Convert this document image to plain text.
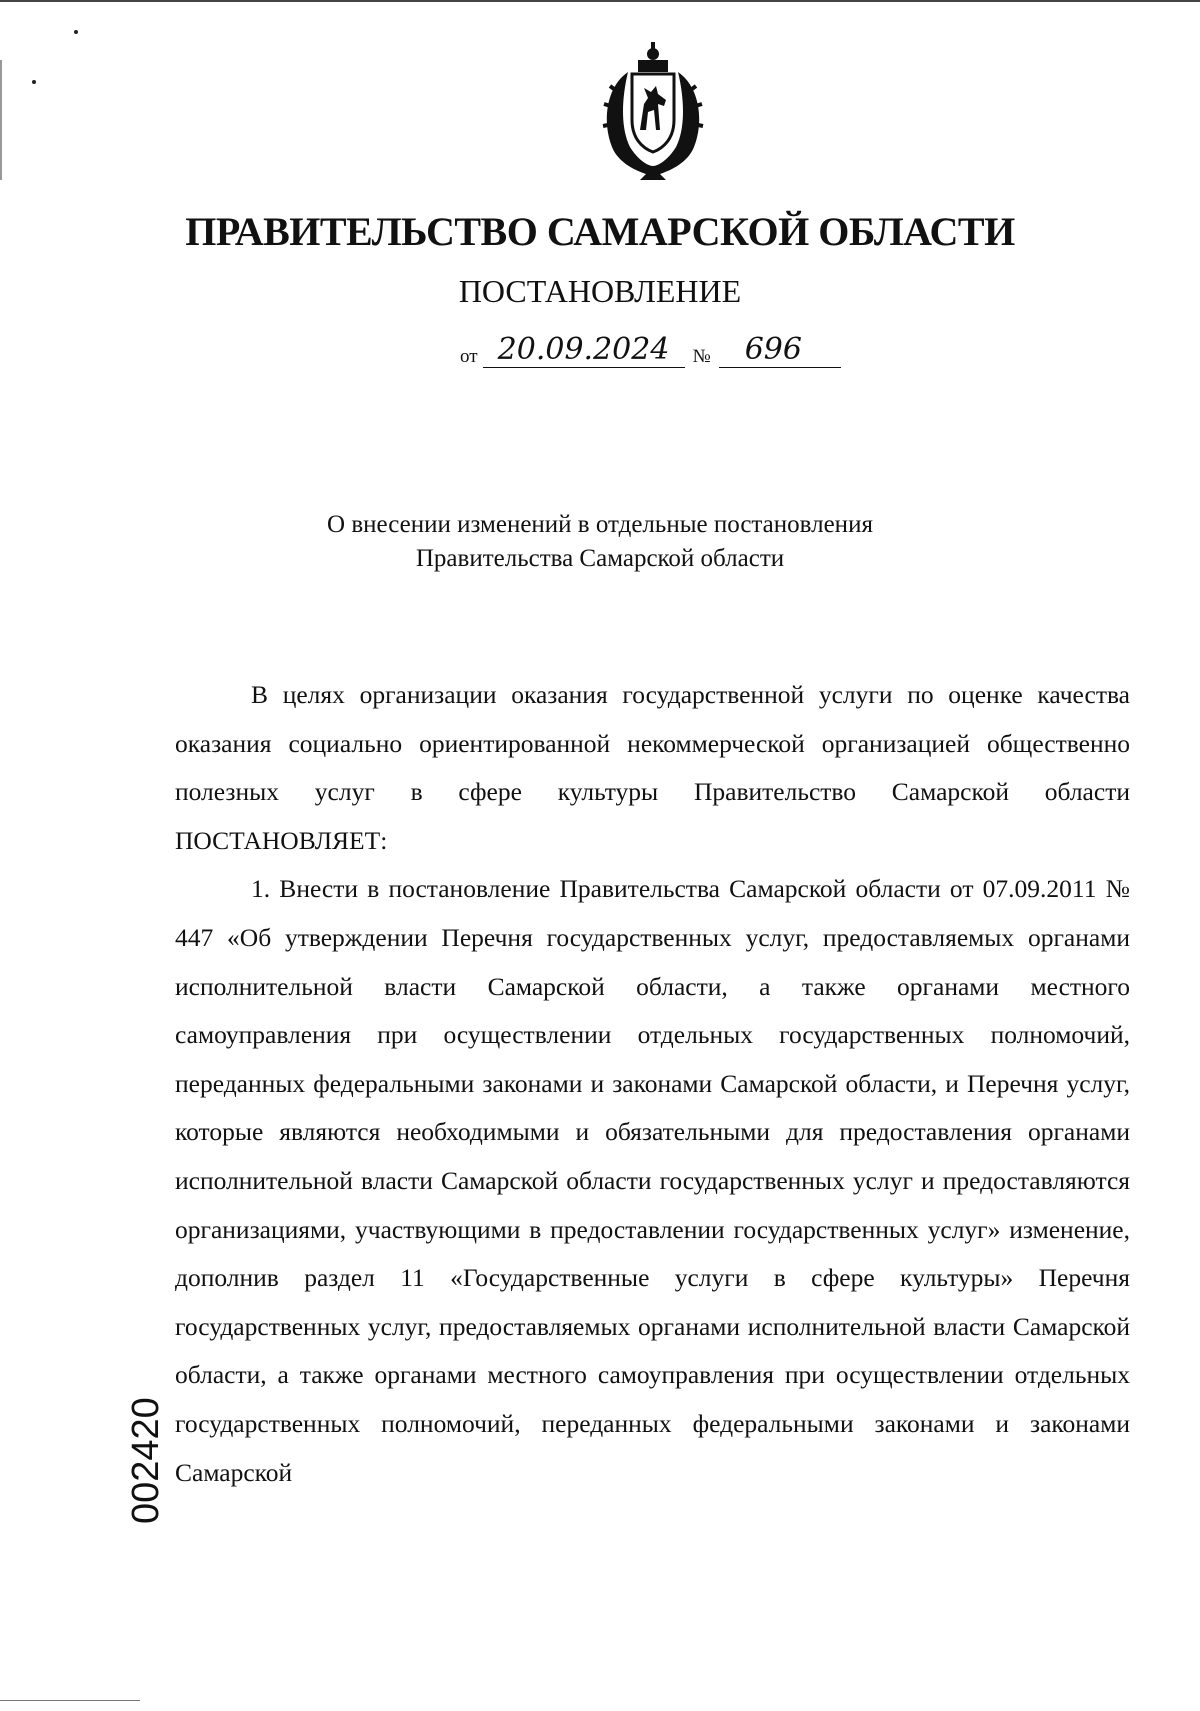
ПРАВИТЕЛЬСТВО САМАРСКОЙ ОБЛАСТИ
ПОСТАНОВЛЕНИЕ
от 20.09.2024	№	696
О внесении изменений в отдельные постановления
Правительства Самарской области

В целях организации оказания государственной услуги по оценке качества оказания социально ориентированной некоммерческой организацией общественно полезных услуг в сфере культуры Правительство Самарской области ПОСТАНОВЛЯЕТ:

1. Внести в постановление Правительства Самарской области от 07.09.2011 № 447 «Об утверждении Перечня государственных услуг, предоставляемых органами исполнительной власти Самарской области, а также органами местного самоуправления при осуществлении отдельных государственных полномочий, переданных федеральными законами и законами Самарской области, и Перечня услуг, которые являются необходимыми и обязательными для предоставления органами исполнительной власти Самарской области государственных услуг и предоставляются организациями, участвующими в предоставлении государственных услуг» изменение, дополнив раздел 11 «Государственные услуги в сфере культуры» Перечня государственных услуг, предоставляемых органами исполнительной власти Самарской области, а также органами местного самоуправления при осуществлении отдельных государственных полномочий, переданных федеральными законами и законами Самарской

002420
